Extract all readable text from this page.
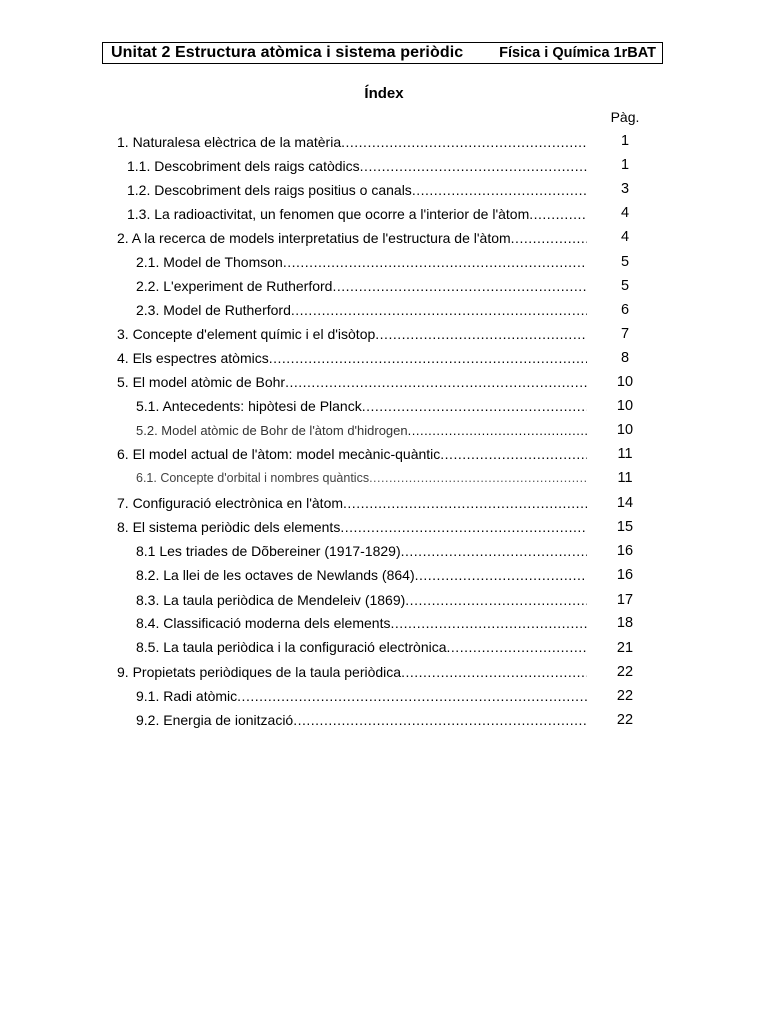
Unitat 2 Estructura atòmica i sistema periòdic Física i Química 1rBAT
Índex
Pàg.
1. Naturalesa elèctrica de la matèria .....	1
1.1. Descobriment dels raigs catòdics .....	1
1.2. Descobriment dels raigs positius o canals .....	3
1.3. La radioactivitat, un fenomen que ocorre a l'interior de l'àtom .....	4
2. A la recerca de models interpretatius de l'estructura de l'àtom .....	4
2.1. Model de Thomson .....	5
2.2. L'experiment de Rutherford .....	5
2.3. Model de Rutherford .....	6
3. Concepte d'element químic i el d'isòtop .....	7
4. Els espectres atòmics .....	8
5. El model atòmic de Bohr .....	10
5.1. Antecedents: hipòtesi de Planck .....	10
5.2. Model atòmic de Bohr de l'àtom d'hidrogen .....	10
6. El model actual de l'àtom: model mecànic-quàntic .....	11
6.1. Concepte d'orbital i nombres quàntics .....	11
7. Configuració electrònica en l'àtom .....	14
8. El sistema periòdic dels elements .....	15
8.1 Les triades de Dõbereiner (1917-1829) .....	16
8.2. La llei de les octaves de Newlands (864) .....	16
8.3. La taula periòdica de Mendeleiv (1869) .....	17
8.4. Classificació moderna dels elements .....	18
8.5. La taula periòdica i la configuració electrònica .....	21
9. Propietats periòdiques de la taula periòdica .....	22
9.1. Radi atòmic .....	22
9.2. Energia de ionització .....	22
